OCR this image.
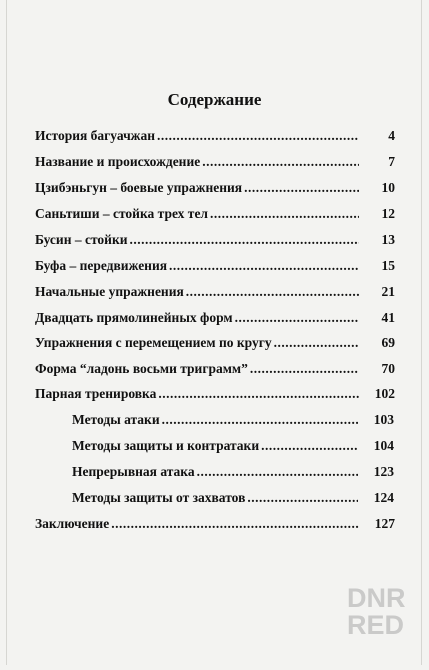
Содержание
История багуачжан .....	4
Название и происхождение .....	7
Цзибэньгун – боевые упражнения .....	10
Саньтиши – стойка трех тел .....	12
Бусин – стойки .....	13
Буфа – передвижения .....	15
Начальные упражнения .....	21
Двадцать прямолинейных форм .....	41
Упражнения с перемещением по кругу .....	69
Форма “ладонь восьми триграмм” .....	70
Парная тренировка .....	102
Методы атаки .....	103
Методы защиты и контратаки .....	104
Непрерывная атака .....	123
Методы защиты от захватов .....	124
Заключение .....	127
DNR
RED
